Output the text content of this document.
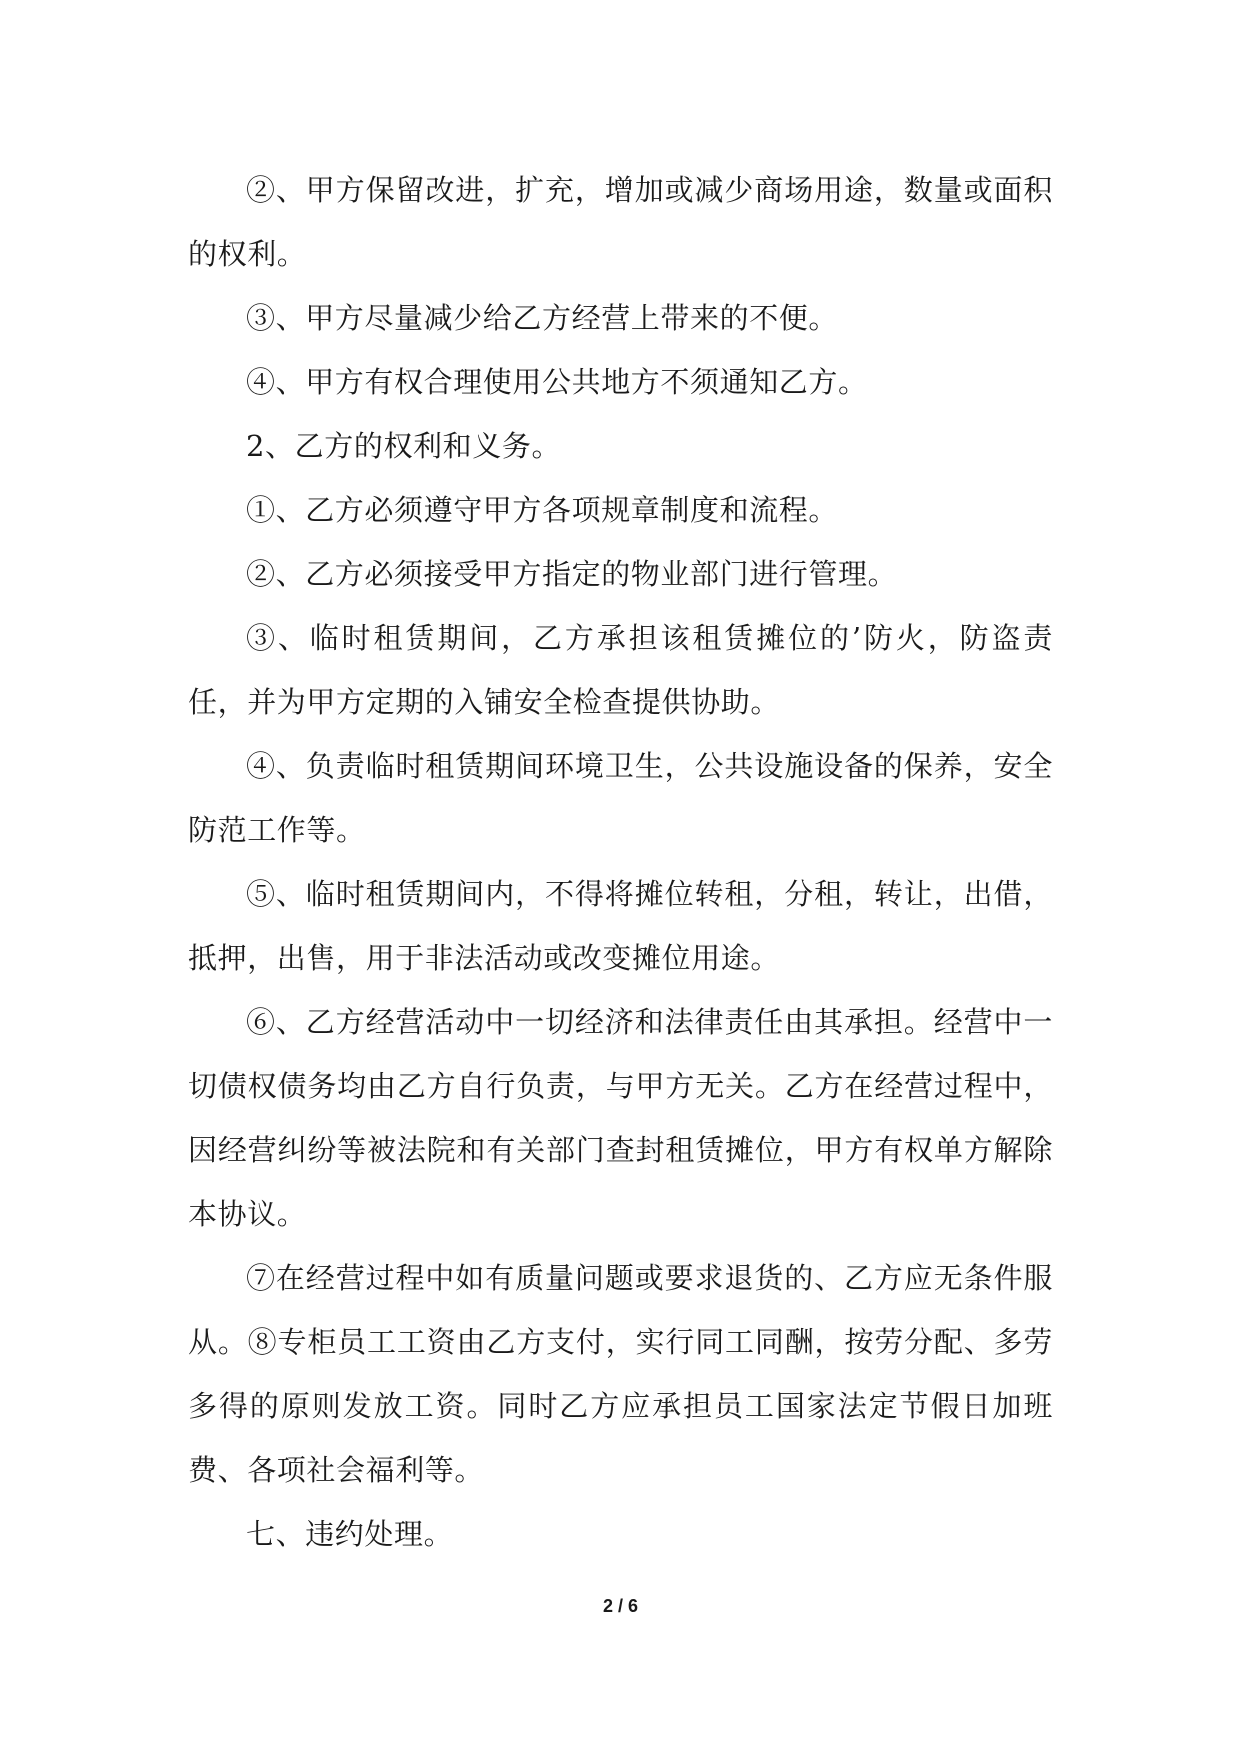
②、甲方保留改进，扩充，增加或减少商场用途，数量或面积的权利。

③、甲方尽量减少给乙方经营上带来的不便。

④、甲方有权合理使用公共地方不须通知乙方。

2、乙方的权利和义务。

①、乙方必须遵守甲方各项规章制度和流程。

②、乙方必须接受甲方指定的物业部门进行管理。

③、临时租赁期间，乙方承担该租赁摊位的’防火，防盗责任，并为甲方定期的入铺安全检查提供协助。

④、负责临时租赁期间环境卫生，公共设施设备的保养，安全防范工作等。

⑤、临时租赁期间内，不得将摊位转租，分租，转让，出借，抵押，出售，用于非法活动或改变摊位用途。

⑥、乙方经营活动中一切经济和法律责任由其承担。经营中一切债权债务均由乙方自行负责，与甲方无关。乙方在经营过程中，因经营纠纷等被法院和有关部门查封租赁摊位，甲方有权单方解除本协议。

⑦在经营过程中如有质量问题或要求退货的、乙方应无条件服从。⑧专柜员工工资由乙方支付，实行同工同酬，按劳分配、多劳多得的原则发放工资。同时乙方应承担员工国家法定节假日加班费、各项社会福利等。

七、违约处理。

2 / 6
